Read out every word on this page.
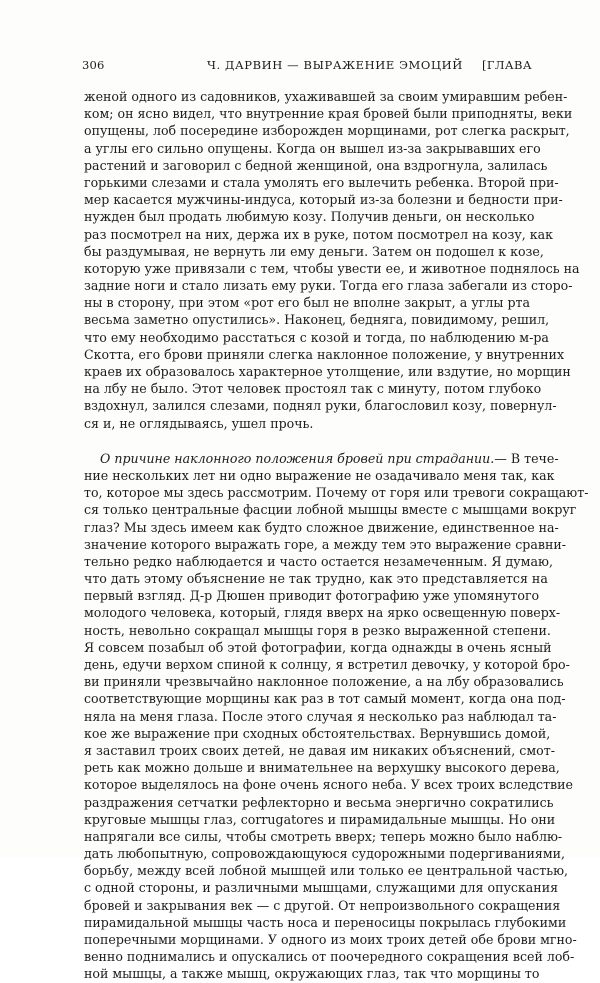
306	Ч. ДАРВИН — ВЫРАЖЕНИЕ ЭМОЦИЙ [ГЛАВА
женой одного из садовников, ухаживавшей за своим умиравшим ребен-
ком; он ясно видел, что внутренние края бровей были приподняты, веки
опущены, лоб посередине изборожден морщинами, рот слегка раскрыт,
а углы его сильно опущены. Когда он вышел из-за закрывавших его
растений и заговорил с бедной женщиной, она вздрогнула, залилась
горькими слезами и стала умолять его вылечить ребенка. Второй при-
мер касается мужчины-индуса, который из-за болезни и бедности при-
нужден был продать любимую козу. Получив деньги, он несколько
раз посмотрел на них, держа их в руке, потом посмотрел на козу, как
бы раздумывая, не вернуть ли ему деньги. Затем он подошел к козе,
которую уже привязали с тем, чтобы увести ее, и животное поднялось на
задние ноги и стало лизать ему руки. Тогда его глаза забегали из сторо-
ны в сторону, при этом «рот его был не вполне закрыт, а углы рта
весьма заметно опустились». Наконец, бедняга, повидимому, решил,
что ему необходимо расстаться с козой и тогда, по наблюдению м-ра
Скотта, его брови приняли слегка наклонное положение, у внутренних
краев их образовалось характерное утолщение, или вздутие, но морщин
на лбу не было. Этот человек простоял так с минуту, потом глубоко
вздохнул, залился слезами, поднял руки, благословил козу, повернул-
ся и, не оглядываясь, ушел прочь.
О причине наклонного положения бровей при страдании.— В тече-
ние нескольких лет ни одно выражение не озадачивало меня так, как
то, которое мы здесь рассмотрим. Почему от горя или тревоги сокращают-
ся только центральные фасции лобной мышцы вместе с мышцами вокруг
глаз? Мы здесь имеем как будто сложное движение, единственное на-
значение которого выражать горе, а между тем это выражение сравни-
тельно редко наблюдается и часто остается незамеченным. Я думаю,
что дать этому объяснение не так трудно, как это представляется на
первый взгляд. Д-р Дюшен приводит фотографию уже упомянутого
молодого человека, который, глядя вверх на ярко освещенную поверх-
ность, невольно сокращал мышцы горя в резко выраженной степени.
Я совсем позабыл об этой фотографии, когда однажды в очень ясный
день, едучи верхом спиной к солнцу, я встретил девочку, у которой бро-
ви приняли чрезвычайно наклонное положение, а на лбу образовались
соответствующие морщины как раз в тот самый момент, когда она под-
няла на меня глаза. После этого случая я несколько раз наблюдал та-
кое же выражение при сходных обстоятельствах. Вернувшись домой,
я заставил троих своих детей, не давая им никаких объяснений, смот-
реть как можно дольше и внимательнее на верхушку высокого дерева,
которое выделялось на фоне очень ясного неба. У всех троих вследствие
раздражения сетчатки рефлекторно и весьма энергично сократились
круговые мышцы глаз, corrugatores и пирамидальные мышцы. Но они
напрягали все силы, чтобы смотреть вверх; теперь можно было наблю-
дать любопытную, сопровождающуюся судорожными подергиваниями,
борьбу, между всей лобной мышцей или только ее центральной частью,
с одной стороны, и различными мышцами, служащими для опускания
бровей и закрывания век — с другой. От непроизвольного сокращения
пирамидальной мышцы часть носа и переносицы покрылась глубокими
поперечными морщинами. У одного из моих троих детей обе брови мгно-
венно поднимались и опускались от поочередного сокращения всей лоб-
ной мышцы, а также мышц, окружающих глаз, так что морщины то
